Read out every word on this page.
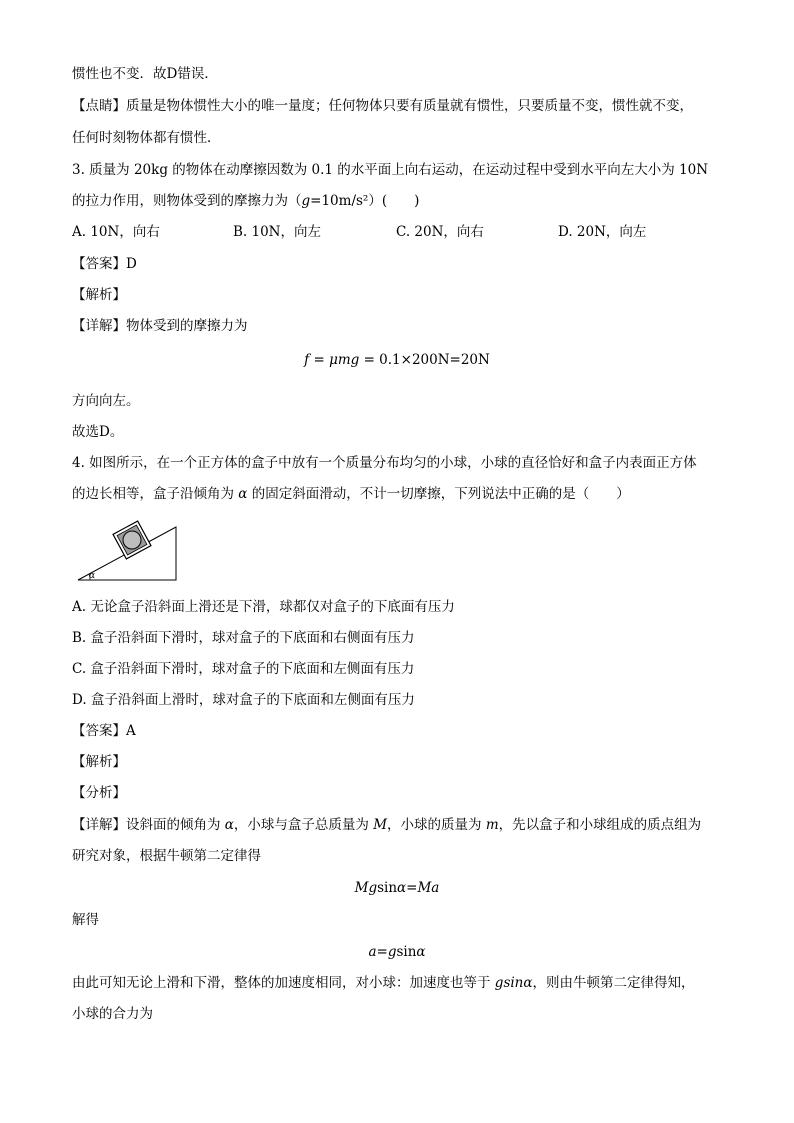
惯性也不变．故D错误．
【点睛】质量是物体惯性大小的唯一量度；任何物体只要有质量就有惯性，只要质量不变，惯性就不变，
任何时刻物体都有惯性．
3. 质量为 20kg 的物体在动摩擦因数为 0.1 的水平面上向右运动，在运动过程中受到水平向左大小为 10N
的拉力作用，则物体受到的摩擦力为（g=10m/s²）(　　)
A. 10N，向右	B. 10N，向左	C. 20N，向右	D. 20N，向左
【答案】D
【解析】
【详解】物体受到的摩擦力为
f = μmg = 0.1×200N=20N
方向向左。
故选D。
4. 如图所示，在一个正方体的盒子中放有一个质量分布均匀的小球，小球的直径恰好和盒子内表面正方体
的边长相等，盒子沿倾角为 α 的固定斜面滑动，不计一切摩擦，下列说法中正确的是（　　）
α
A. 无论盒子沿斜面上滑还是下滑，球都仅对盒子的下底面有压力
B. 盒子沿斜面下滑时，球对盒子的下底面和右侧面有压力
C. 盒子沿斜面下滑时，球对盒子的下底面和左侧面有压力
D. 盒子沿斜面上滑时，球对盒子的下底面和左侧面有压力
【答案】A
【解析】
【分析】
【详解】设斜面的倾角为 α，小球与盒子总质量为 M，小球的质量为 m，先以盒子和小球组成的质点组为
研究对象，根据牛顿第二定律得
Mgsinα=Ma
解得
a=gsinα
由此可知无论上滑和下滑，整体的加速度相同，对小球：加速度也等于 gsinα，则由牛顿第二定律得知，
小球的合力为
